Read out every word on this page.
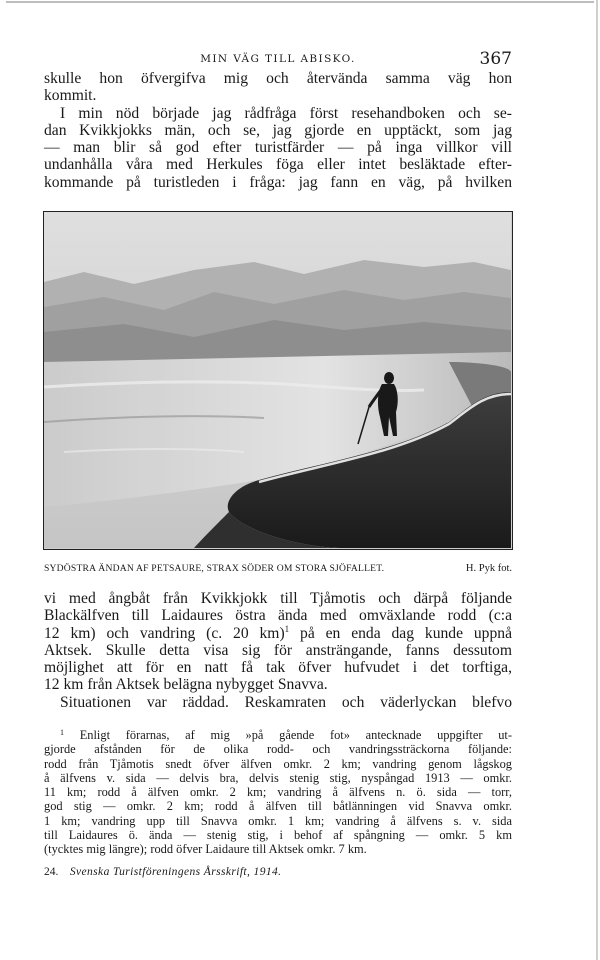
MIN VÄG TILL ABISKO.	367

skulle hon öfvergifva mig och återvända samma väg hon

kommit.

I min nöd började jag rådfråga först resehandboken och se-

dan Kvikkjokks män, och se, jag gjorde en upptäckt, som jag

— man blir så god efter turistfärder — på inga villkor vill

undanhålla våra med Herkules föga eller intet besläktade efter-

kommande på turistleden i fråga: jag fann en väg, på hvilken

SYDÖSTRA ÄNDAN AF PETSAURE, STRAX SÖDER OM STORA SJÖFALLET.	H. Pyk fot.

vi med ångbåt från Kvikkjokk till Tjåmotis och därpå följande

Blackälfven till Laidaures östra ända med omväxlande rodd (c:a

12 km) och vandring (c. 20 km)$^1$ på en enda dag kunde uppnå

Aktsek. Skulle detta visa sig för ansträngande, fanns dessutom

möjlighet att för en natt få tak öfver hufvudet i det torftiga,

12 km från Aktsek belägna nybygget Snavva.

Situationen var räddad. Reskamraten och väderlyckan blefvo

$^1$ Enligt förarnas, af mig »på gående fot» antecknade uppgifter ut-

gjorde afstånden för de olika rodd- och vandringssträckorna följande:

rodd från Tjåmotis snedt öfver älfven omkr. 2 km; vandring genom lågskog

å älfvens v. sida — delvis bra, delvis stenig stig, nyspångad 1913 — omkr.

11 km; rodd å älfven omkr. 2 km; vandring å älfvens n. ö. sida — torr,

god stig — omkr. 2 km; rodd å älfven till båtlänningen vid Snavva omkr.

1 km; vandring upp till Snavva omkr. 1 km; vandring å älfvens s. v. sida

till Laidaures ö. ända — stenig stig, i behof af spångning — omkr. 5 km

(tycktes mig längre); rodd öfver Laidaure till Aktsek omkr. 7 km.

24. Svenska Turistföreningens Årsskrift, 1914.
